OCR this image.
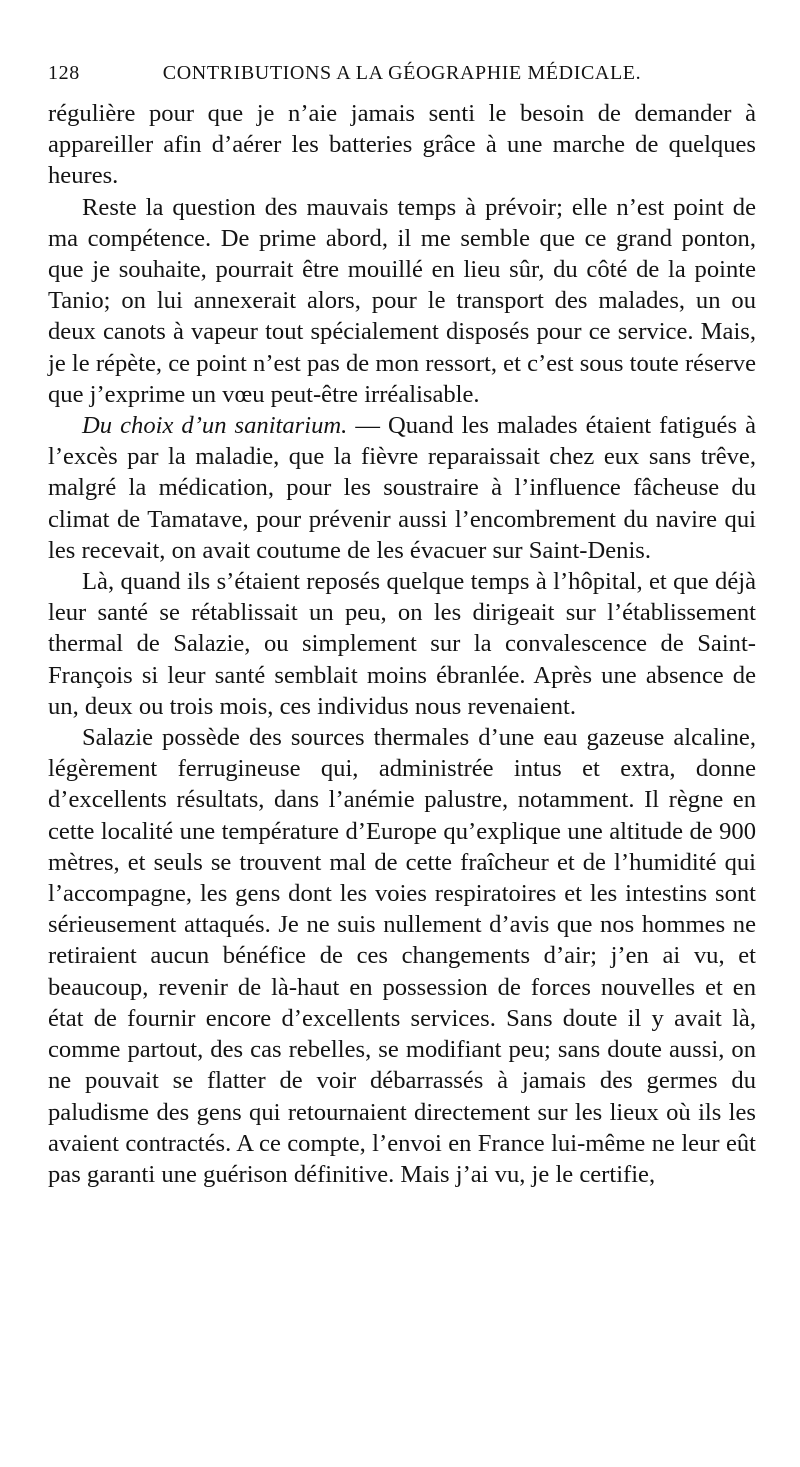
128	CONTRIBUTIONS A LA GÉOGRAPHIE MÉDICALE.

régulière pour que je n’aie jamais senti le besoin de demander à appareiller afin d’aérer les batteries grâce à une marche de quelques heures.

Reste la question des mauvais temps à prévoir; elle n’est point de ma compétence. De prime abord, il me semble que ce grand ponton, que je souhaite, pourrait être mouillé en lieu sûr, du côté de la pointe Tanio; on lui annexerait alors, pour le transport des malades, un ou deux canots à vapeur tout spécialement disposés pour ce service. Mais, je le répète, ce point n’est pas de mon ressort, et c’est sous toute réserve que j’exprime un vœu peut-être irréalisable.

Du choix d’un sanitarium. — Quand les malades étaient fatigués à l’excès par la maladie, que la fièvre reparaissait chez eux sans trêve, malgré la médication, pour les soustraire à l’influence fâcheuse du climat de Tamatave, pour prévenir aussi l’encombrement du navire qui les recevait, on avait coutume de les évacuer sur Saint-Denis.

Là, quand ils s’étaient reposés quelque temps à l’hôpital, et que déjà leur santé se rétablissait un peu, on les dirigeait sur l’établissement thermal de Salazie, ou simplement sur la convalescence de Saint-François si leur santé semblait moins ébranlée. Après une absence de un, deux ou trois mois, ces individus nous revenaient.

Salazie possède des sources thermales d’une eau gazeuse alcaline, légèrement ferrugineuse qui, administrée intus et extra, donne d’excellents résultats, dans l’anémie palustre, notamment. Il règne en cette localité une température d’Europe qu’explique une altitude de 900 mètres, et seuls se trouvent mal de cette fraîcheur et de l’humidité qui l’accompagne, les gens dont les voies respiratoires et les intestins sont sérieusement attaqués. Je ne suis nullement d’avis que nos hommes ne retiraient aucun bénéfice de ces changements d’air; j’en ai vu, et beaucoup, revenir de là-haut en possession de forces nouvelles et en état de fournir encore d’excellents services. Sans doute il y avait là, comme partout, des cas rebelles, se modifiant peu; sans doute aussi, on ne pouvait se flatter de voir débarrassés à jamais des germes du paludisme des gens qui retournaient directement sur les lieux où ils les avaient contractés. A ce compte, l’envoi en France lui-même ne leur eût pas garanti une guérison définitive. Mais j’ai vu, je le certifie,
